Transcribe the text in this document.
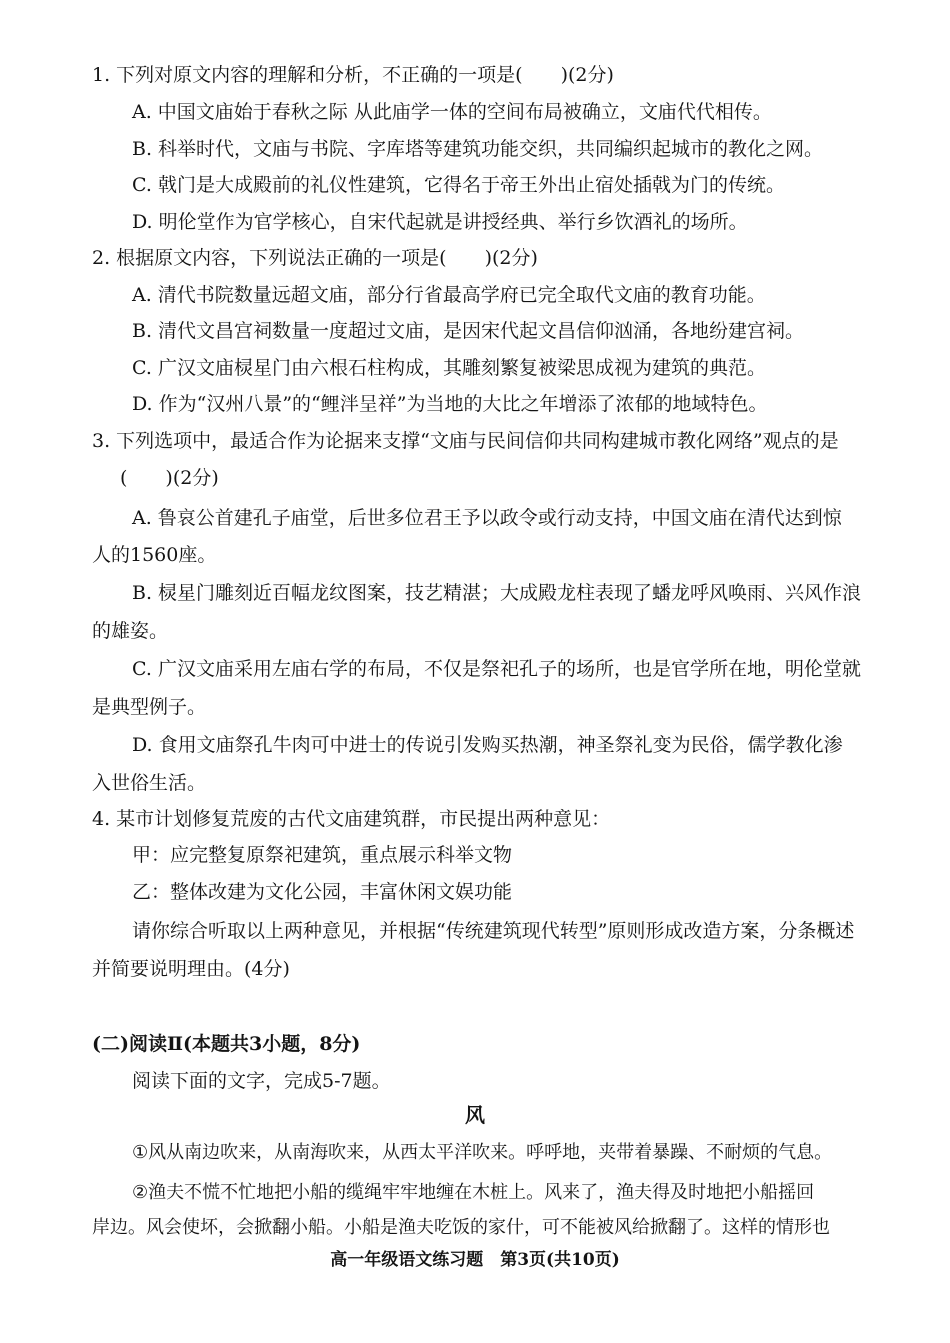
1. 下列对原文内容的理解和分析，不正确的一项是(　　)(2分)
A. 中国文庙始于春秋之际 从此庙学一体的空间布局被确立，文庙代代相传。
B. 科举时代，文庙与书院、字库塔等建筑功能交织，共同编织起城市的教化之网。
C. 戟门是大成殿前的礼仪性建筑，它得名于帝王外出止宿处插戟为门的传统。
D. 明伦堂作为官学核心，自宋代起就是讲授经典、举行乡饮酒礼的场所。
2. 根据原文内容，下列说法正确的一项是(　　)(2分)
A. 清代书院数量远超文庙，部分行省最高学府已完全取代文庙的教育功能。
B. 清代文昌宫祠数量一度超过文庙，是因宋代起文昌信仰汹涌，各地纷建宫祠。
C. 广汉文庙棂星门由六根石柱构成，其雕刻繁复被梁思成视为建筑的典范。
D. 作为“汉州八景”的“鲤泮呈祥”为当地的大比之年增添了浓郁的地域特色。
3. 下列选项中，最适合作为论据来支撑“文庙与民间信仰共同构建城市教化网络”观点的是
(　　)(2分)
A. 鲁哀公首建孔子庙堂，后世多位君王予以政令或行动支持，中国文庙在清代达到惊
人的1560座。
B. 棂星门雕刻近百幅龙纹图案，技艺精湛；大成殿龙柱表现了蟠龙呼风唤雨、兴风作浪
的雄姿。
C. 广汉文庙采用左庙右学的布局，不仅是祭祀孔子的场所，也是官学所在地，明伦堂就
是典型例子。
D. 食用文庙祭孔牛肉可中进士的传说引发购买热潮，神圣祭礼变为民俗，儒学教化渗
入世俗生活。
4. 某市计划修复荒废的古代文庙建筑群，市民提出两种意见：
甲：应完整复原祭祀建筑，重点展示科举文物
乙：整体改建为文化公园，丰富休闲文娱功能
请你综合听取以上两种意见，并根据“传统建筑现代转型”原则形成改造方案，分条概述
并简要说明理由。(4分)
(二)阅读Ⅱ(本题共3小题，8分)
阅读下面的文字，完成5-7题。
风
①风从南边吹来，从南海吹来，从西太平洋吹来。呼呼地，夹带着暴躁、不耐烦的气息。
②渔夫不慌不忙地把小船的缆绳牢牢地缠在木桩上。风来了，渔夫得及时地把小船摇回
岸边。风会使坏，会掀翻小船。小船是渔夫吃饭的家什，可不能被风给掀翻了。这样的情形也
高一年级语文练习题　第3页(共10页)
